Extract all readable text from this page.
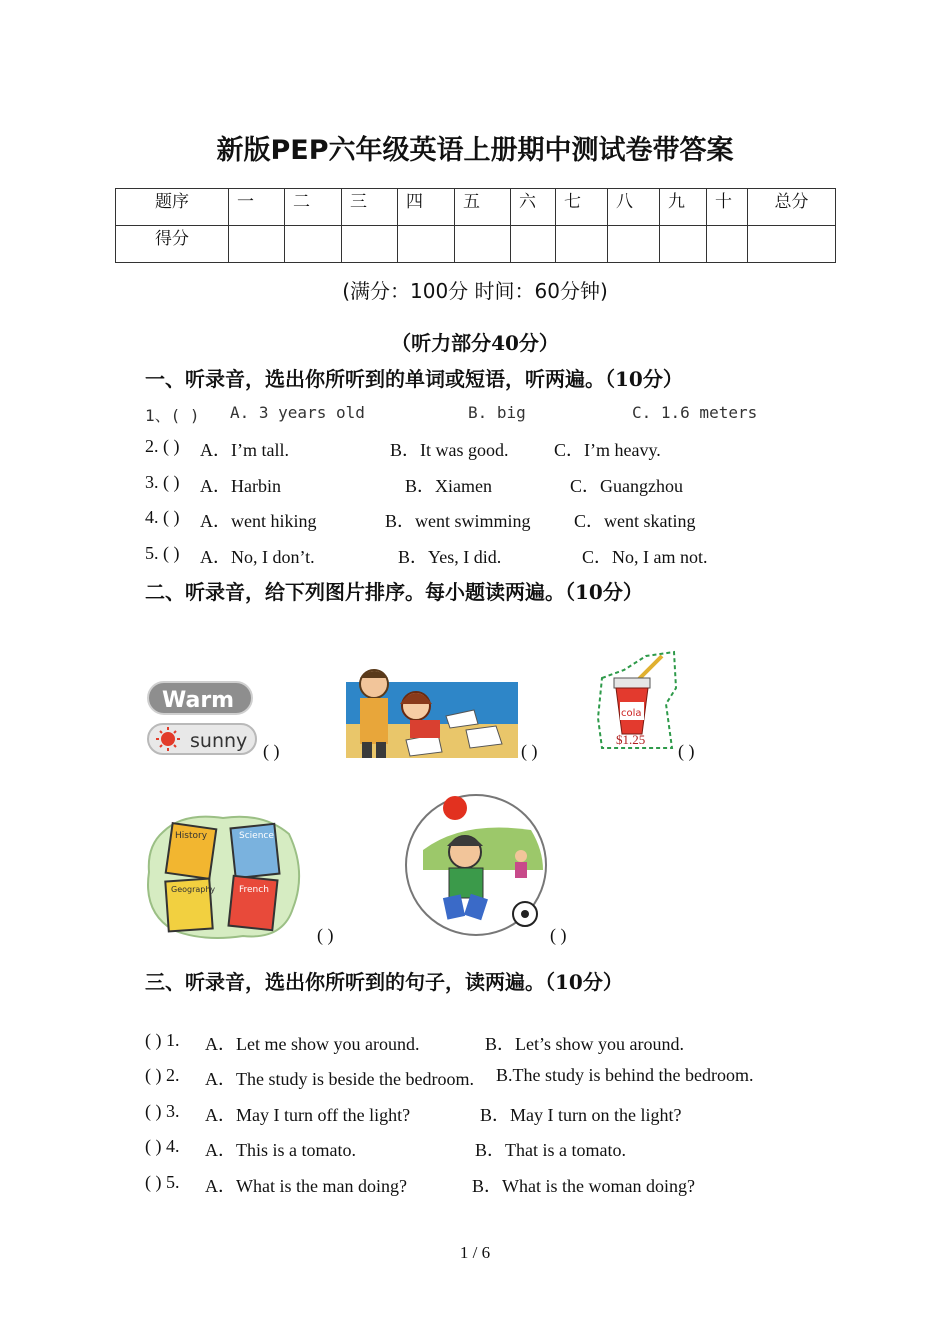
新版PEP六年级英语上册期中测试卷带答案
题序	一	二	三	四	五	六	七	八	九	十	总分
得分											
(满分：100分 时间：60分钟)
（听力部分40分）
一、听录音，选出你所听到的单词或短语，听两遍。（10分）
1、( ) A. 3 years old	B. big	C. 1.6 meters
2. ( ) A．I’m tall.	B．It was good.	C．I’m heavy.
3. ( ) A．Harbin	B．Xiamen	C．Guangzhou
4. ( ) A．went hiking	B．went swimming C．went skating
5. ( ) A．No, I don’t.	B．Yes, I did.	C．No, I am not.
二、听录音，给下列图片排序。每小题读两遍。（10分）
Warm
sunny ( )	( )
cola
$1.25
( )
History	Science
Geography	French
( )	( )
三、听录音，选出你所听到的句子，读两遍。（10分）
( ) 1. A．Let me show you around.	B．Let’s show you around.
( ) 2. A．The study is beside the bedroom. B.The study is behind the bedroom.
( ) 3. A．May I turn off the light?	B．May I turn on the light?
( ) 4. A．This is a tomato.	B．That is a tomato.
( ) 5. A．What is the man doing?	B．What is the woman doing?
1 / 6
